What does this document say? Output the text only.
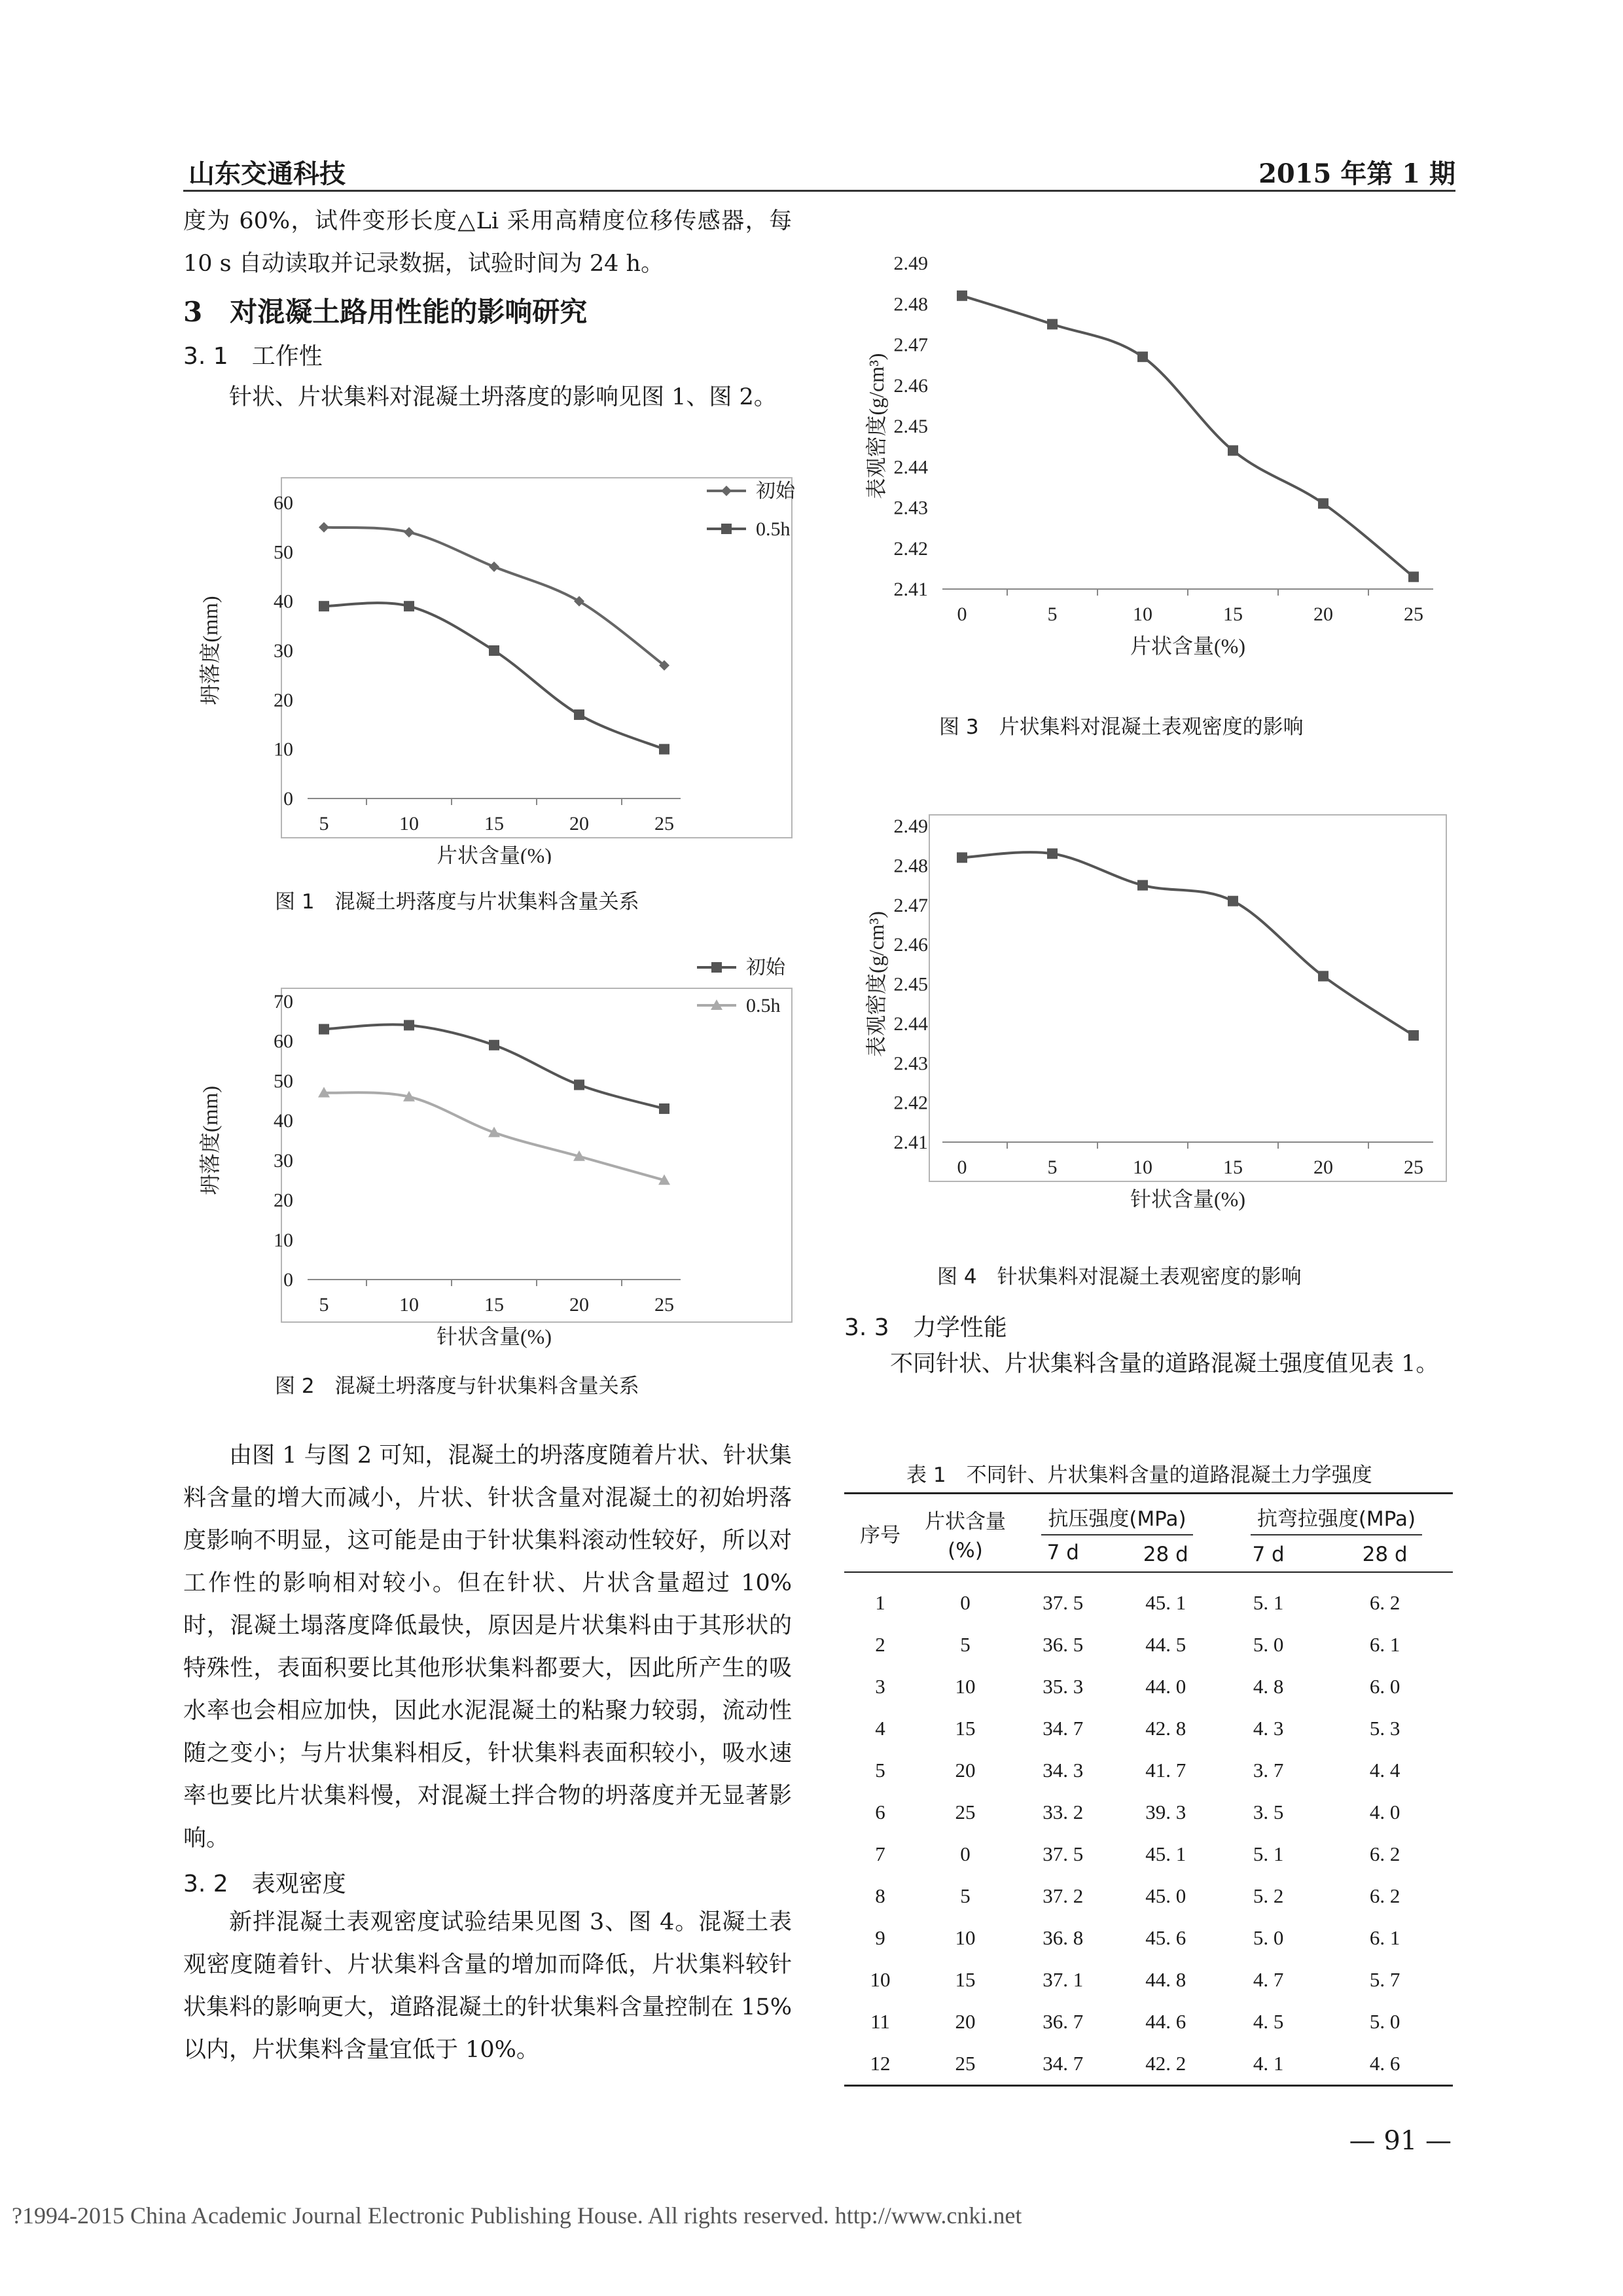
山东交通科技	2015 年第 1 期

度为 60%，试件变形长度△Li 采用高精度位移传感器，每 10 s 自动读取并记录数据，试验时间为 24 h。

3　对混凝土路用性能的影响研究
3. 1　工作性

针状、片状集料对混凝土坍落度的影响见图 1、图 2。

5	10	15	20	25
0
10
20
30
40
50
60
片状含量(%)
坍落度(mm)
初始
0.5h
图 1　混凝土坍落度与片状集料含量关系
5	10	15	20	25
0
10
20
30
40
50
60
70
针状含量(%)
坍落度(mm)
初始
0.5h
图 2　混凝土坍落度与针状集料含量关系

由图 1 与图 2 可知，混凝土的坍落度随着片状、针状集料含量的增大而减小，片状、针状含量对混凝土的初始坍落度影响不明显，这可能是由于针状集料滚动性较好，所以对工作性的影响相对较小。但在针状、片状含量超过 10% 时，混凝土塌落度降低最快，原因是片状集料由于其形状的特殊性，表面积要比其他形状集料都要大，因此所产生的吸水率也会相应加快，因此水泥混凝土的粘聚力较弱，流动性随之变小；与片状集料相反，针状集料表面积较小，吸水速率也要比片状集料慢，对混凝土拌合物的坍落度并无显著影响。

3. 2　表观密度

新拌混凝土表观密度试验结果见图 3、图 4。混凝土表观密度随着针、片状集料含量的增加而降低，片状集料较针状集料的影响更大，道路混凝土的针状集料含量控制在 15% 以内，片状集料含量宜低于 10%。

0	5	10	15	20	25
2.41
2.42
2.43
2.44
2.45
2.46
2.47
2.48
2.49
片状含量(%)
表观密度(g/cm³)
图 3　片状集料对混凝土表观密度的影响
0	5	10	15	20	25
2.41
2.42
2.43
2.44
2.45
2.46
2.47
2.48
2.49
针状含量(%)
表观密度(g/cm³)
图 4　针状集料对混凝土表观密度的影响
3. 3　力学性能

不同针状、片状集料含量的道路混凝土强度值见表 1。

表 1　不同针、片状集料含量的道路混凝土力学强度
序号	片状含量
(%)	抗压强度(MPa)		抗弯拉强度(MPa)	
		7 d	28 d	7 d	28 d
1	0	37. 5	45. 1	5. 1	6. 2
2	5	36. 5	44. 5	5. 0	6. 1
3	10	35. 3	44. 0	4. 8	6. 0
4	15	34. 7	42. 8	4. 3	5. 3
5	20	34. 3	41. 7	3. 7	4. 4
6	25	33. 2	39. 3	3. 5	4. 0
7	0	37. 5	45. 1	5. 1	6. 2
8	5	37. 2	45. 0	5. 2	6. 2
9	10	36. 8	45. 6	5. 0	6. 1
10	15	37. 1	44. 8	4. 7	5. 7
11	20	36. 7	44. 6	4. 5	5. 0
12	25	34. 7	42. 2	4. 1	4. 6
— 91 —
?1994-2015 China Academic Journal Electronic Publishing House. All rights reserved. http://www.cnki.net
